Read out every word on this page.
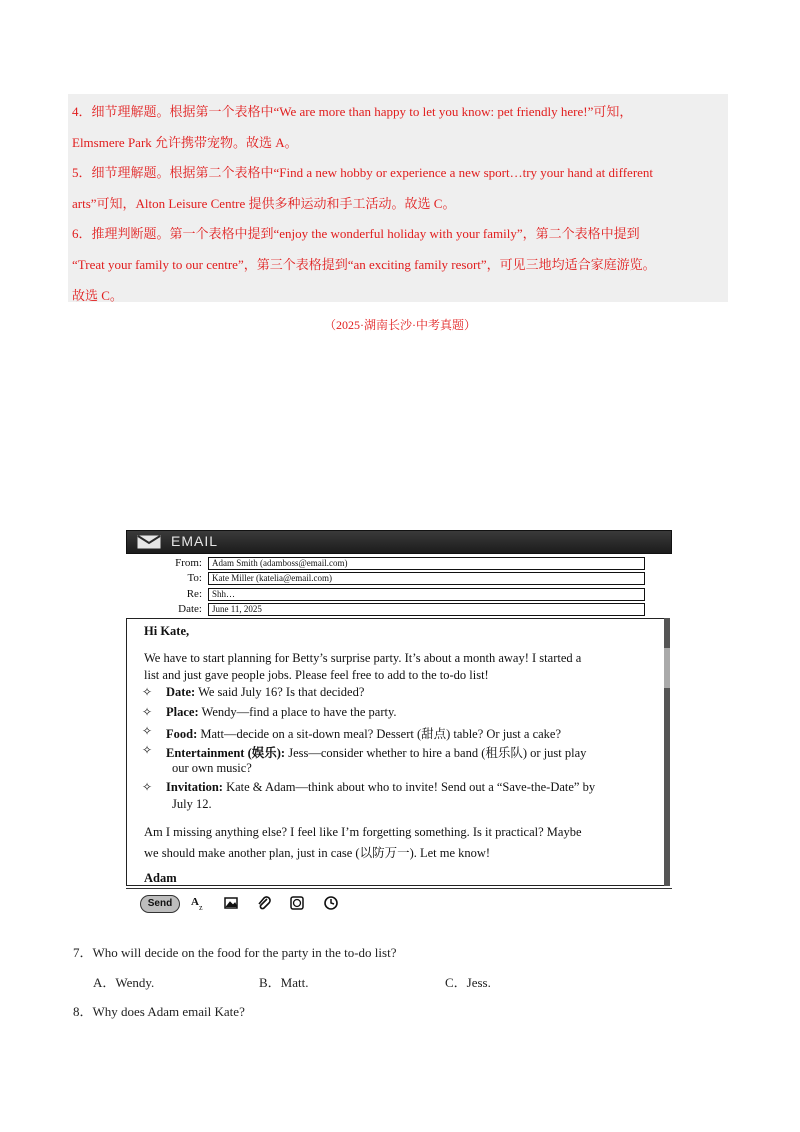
4．细节理解题。根据第一个表格中“We are more than happy to let you know: pet friendly here!”可知，
Elmsmere Park 允许携带宠物。故选 A。
5．细节理解题。根据第二个表格中“Find a new hobby or experience a new sport…try your hand at different
arts”可知，Alton Leisure Centre 提供多种运动和手工活动。故选 C。
6．推理判断题。第一个表格中提到“enjoy the wonderful holiday with your family”，第二个表格中提到
“Treat your family to our centre”，第三个表格提到“an exciting family resort”，可见三地均适合家庭游览。
故选 C。
（2025·湖南长沙·中考真题）
EMAIL
From:	Adam Smith (adamboss@email.com)
To:	Kate Miller (katelia@email.com)
Re:	Shh…
Date:	June 11, 2025
Hi Kate,
We have to start planning for Betty’s surprise party. It’s about a month away! I started a
list and just gave people jobs. Please feel free to add to the to-do list!
✧ Date: We said July 16? Is that decided?
✧ Place: Wendy—find a place to have the party.
✧ Food: Matt—decide on a sit-down meal? Dessert (甜点) table? Or just a cake?
✧ Entertainment (娱乐): Jess—consider whether to hire a band (租乐队) or just play
our own music?
✧ Invitation: Kate & Adam—think about who to invite! Send out a “Save-the-Date” by
July 12.
Am I missing anything else? I feel like I’m forgetting something. Is it practical? Maybe
we should make another plan, just in case (以防万一). Let me know!
Adam
Send	A z
7．Who will decide on the food for the party in the to-do list?
A．Wendy.	B．Matt.	C．Jess.
8．Why does Adam email Kate?
